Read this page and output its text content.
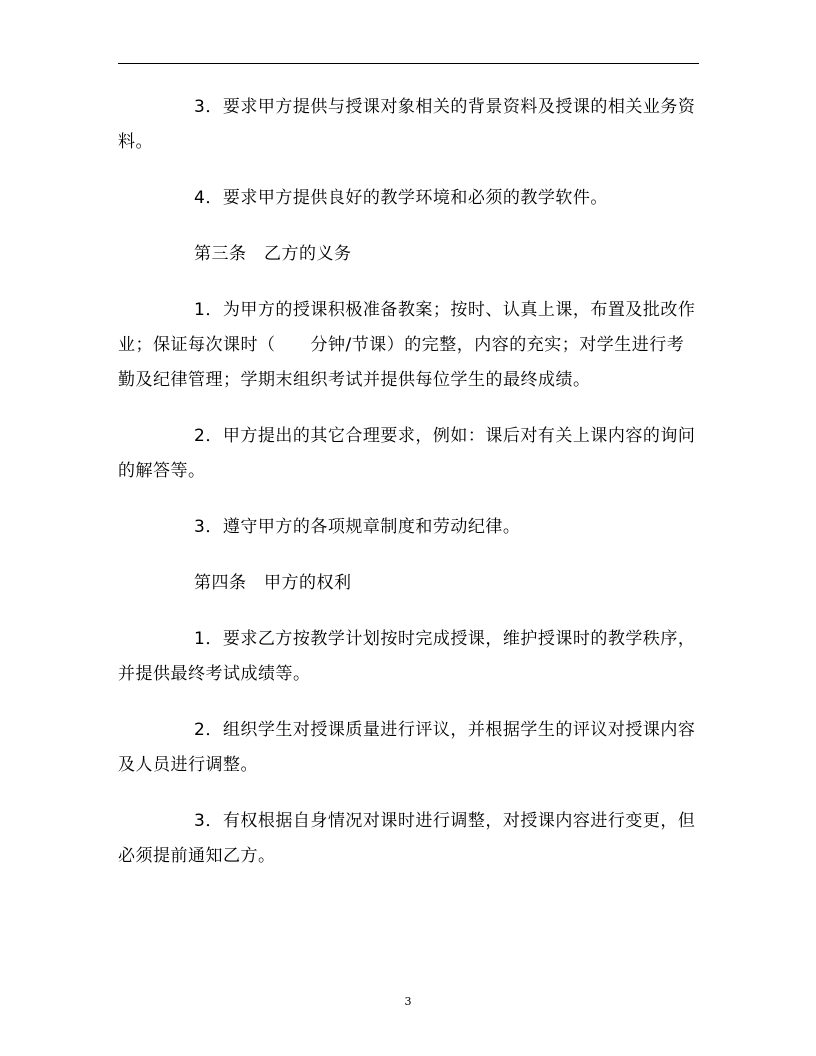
3．要求甲方提供与授课对象相关的背景资料及授课的相关业务资料。

4．要求甲方提供良好的教学环境和必须的教学软件。

第三条　乙方的义务

1．为甲方的授课积极准备教案；按时、认真上课，布置及批改作业；保证每次课时（　　分钟/节课）的完整，内容的充实；对学生进行考勤及纪律管理；学期末组织考试并提供每位学生的最终成绩。

2．甲方提出的其它合理要求，例如：课后对有关上课内容的询问的解答等。

3．遵守甲方的各项规章制度和劳动纪律。

第四条　甲方的权利

1．要求乙方按教学计划按时完成授课，维护授课时的教学秩序，并提供最终考试成绩等。

2．组织学生对授课质量进行评议，并根据学生的评议对授课内容及人员进行调整。

3．有权根据自身情况对课时进行调整，对授课内容进行变更，但必须提前通知乙方。

3
